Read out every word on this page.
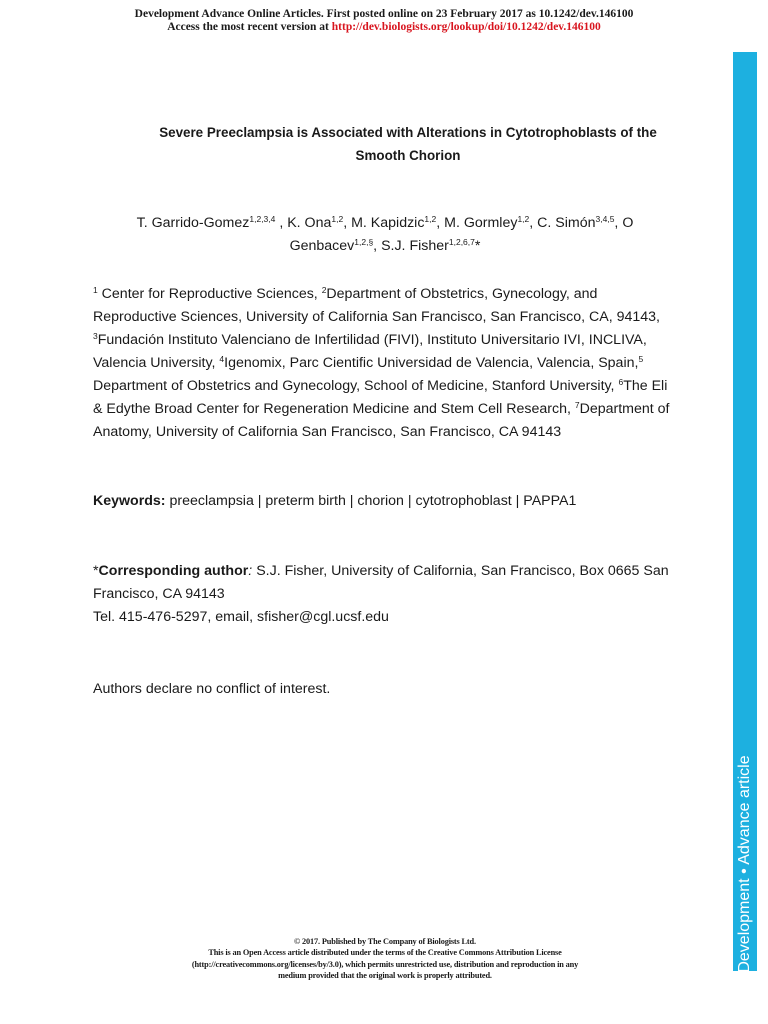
Development Advance Online Articles. First posted online on 23 February 2017 as 10.1242/dev.146100
Access the most recent version at http://dev.biologists.org/lookup/doi/10.1242/dev.146100
Development • Advance article
Severe Preeclampsia is Associated with Alterations in Cytotrophoblasts of the
Smooth Chorion
T. Garrido-Gomez$^{1,2,3,4}$ , K. Ona$^{1,2}$, M. Kapidzic$^{1,2}$, M. Gormley$^{1,2}$, C. Simón$^{3,4,5}$, O Genbacev$^{1,2,\S}$, S.J. Fisher$^{1,2,6,7}$*
$^1$ Center for Reproductive Sciences, $^2$Department of Obstetrics, Gynecology, and Reproductive Sciences, University of California San Francisco, San Francisco, CA, 94143, $^3$Fundación Instituto Valenciano de Infertilidad (FIVI), Instituto Universitario IVI, INCLIVA, Valencia University, $^4$Igenomix, Parc Cientific Universidad de Valencia, Valencia, Spain,$^5$ Department of Obstetrics and Gynecology, School of Medicine, Stanford University, $^6$The Eli & Edythe Broad Center for Regeneration Medicine and Stem Cell Research, $^7$Department of Anatomy, University of California San Francisco, San Francisco, CA 94143
Keywords: preeclampsia | preterm birth | chorion | cytotrophoblast | PAPPA1
*Corresponding author: S.J. Fisher, University of California, San Francisco, Box 0665 San Francisco, CA 94143
Tel. 415-476-5297, email, sfisher@cgl.ucsf.edu
Authors declare no conflict of interest.
© 2017. Published by The Company of Biologists Ltd.
This is an Open Access article distributed under the terms of the Creative Commons Attribution License
(http://creativecommons.org/licenses/by/3.0), which permits unrestricted use, distribution and reproduction in any
medium provided that the original work is properly attributed.
